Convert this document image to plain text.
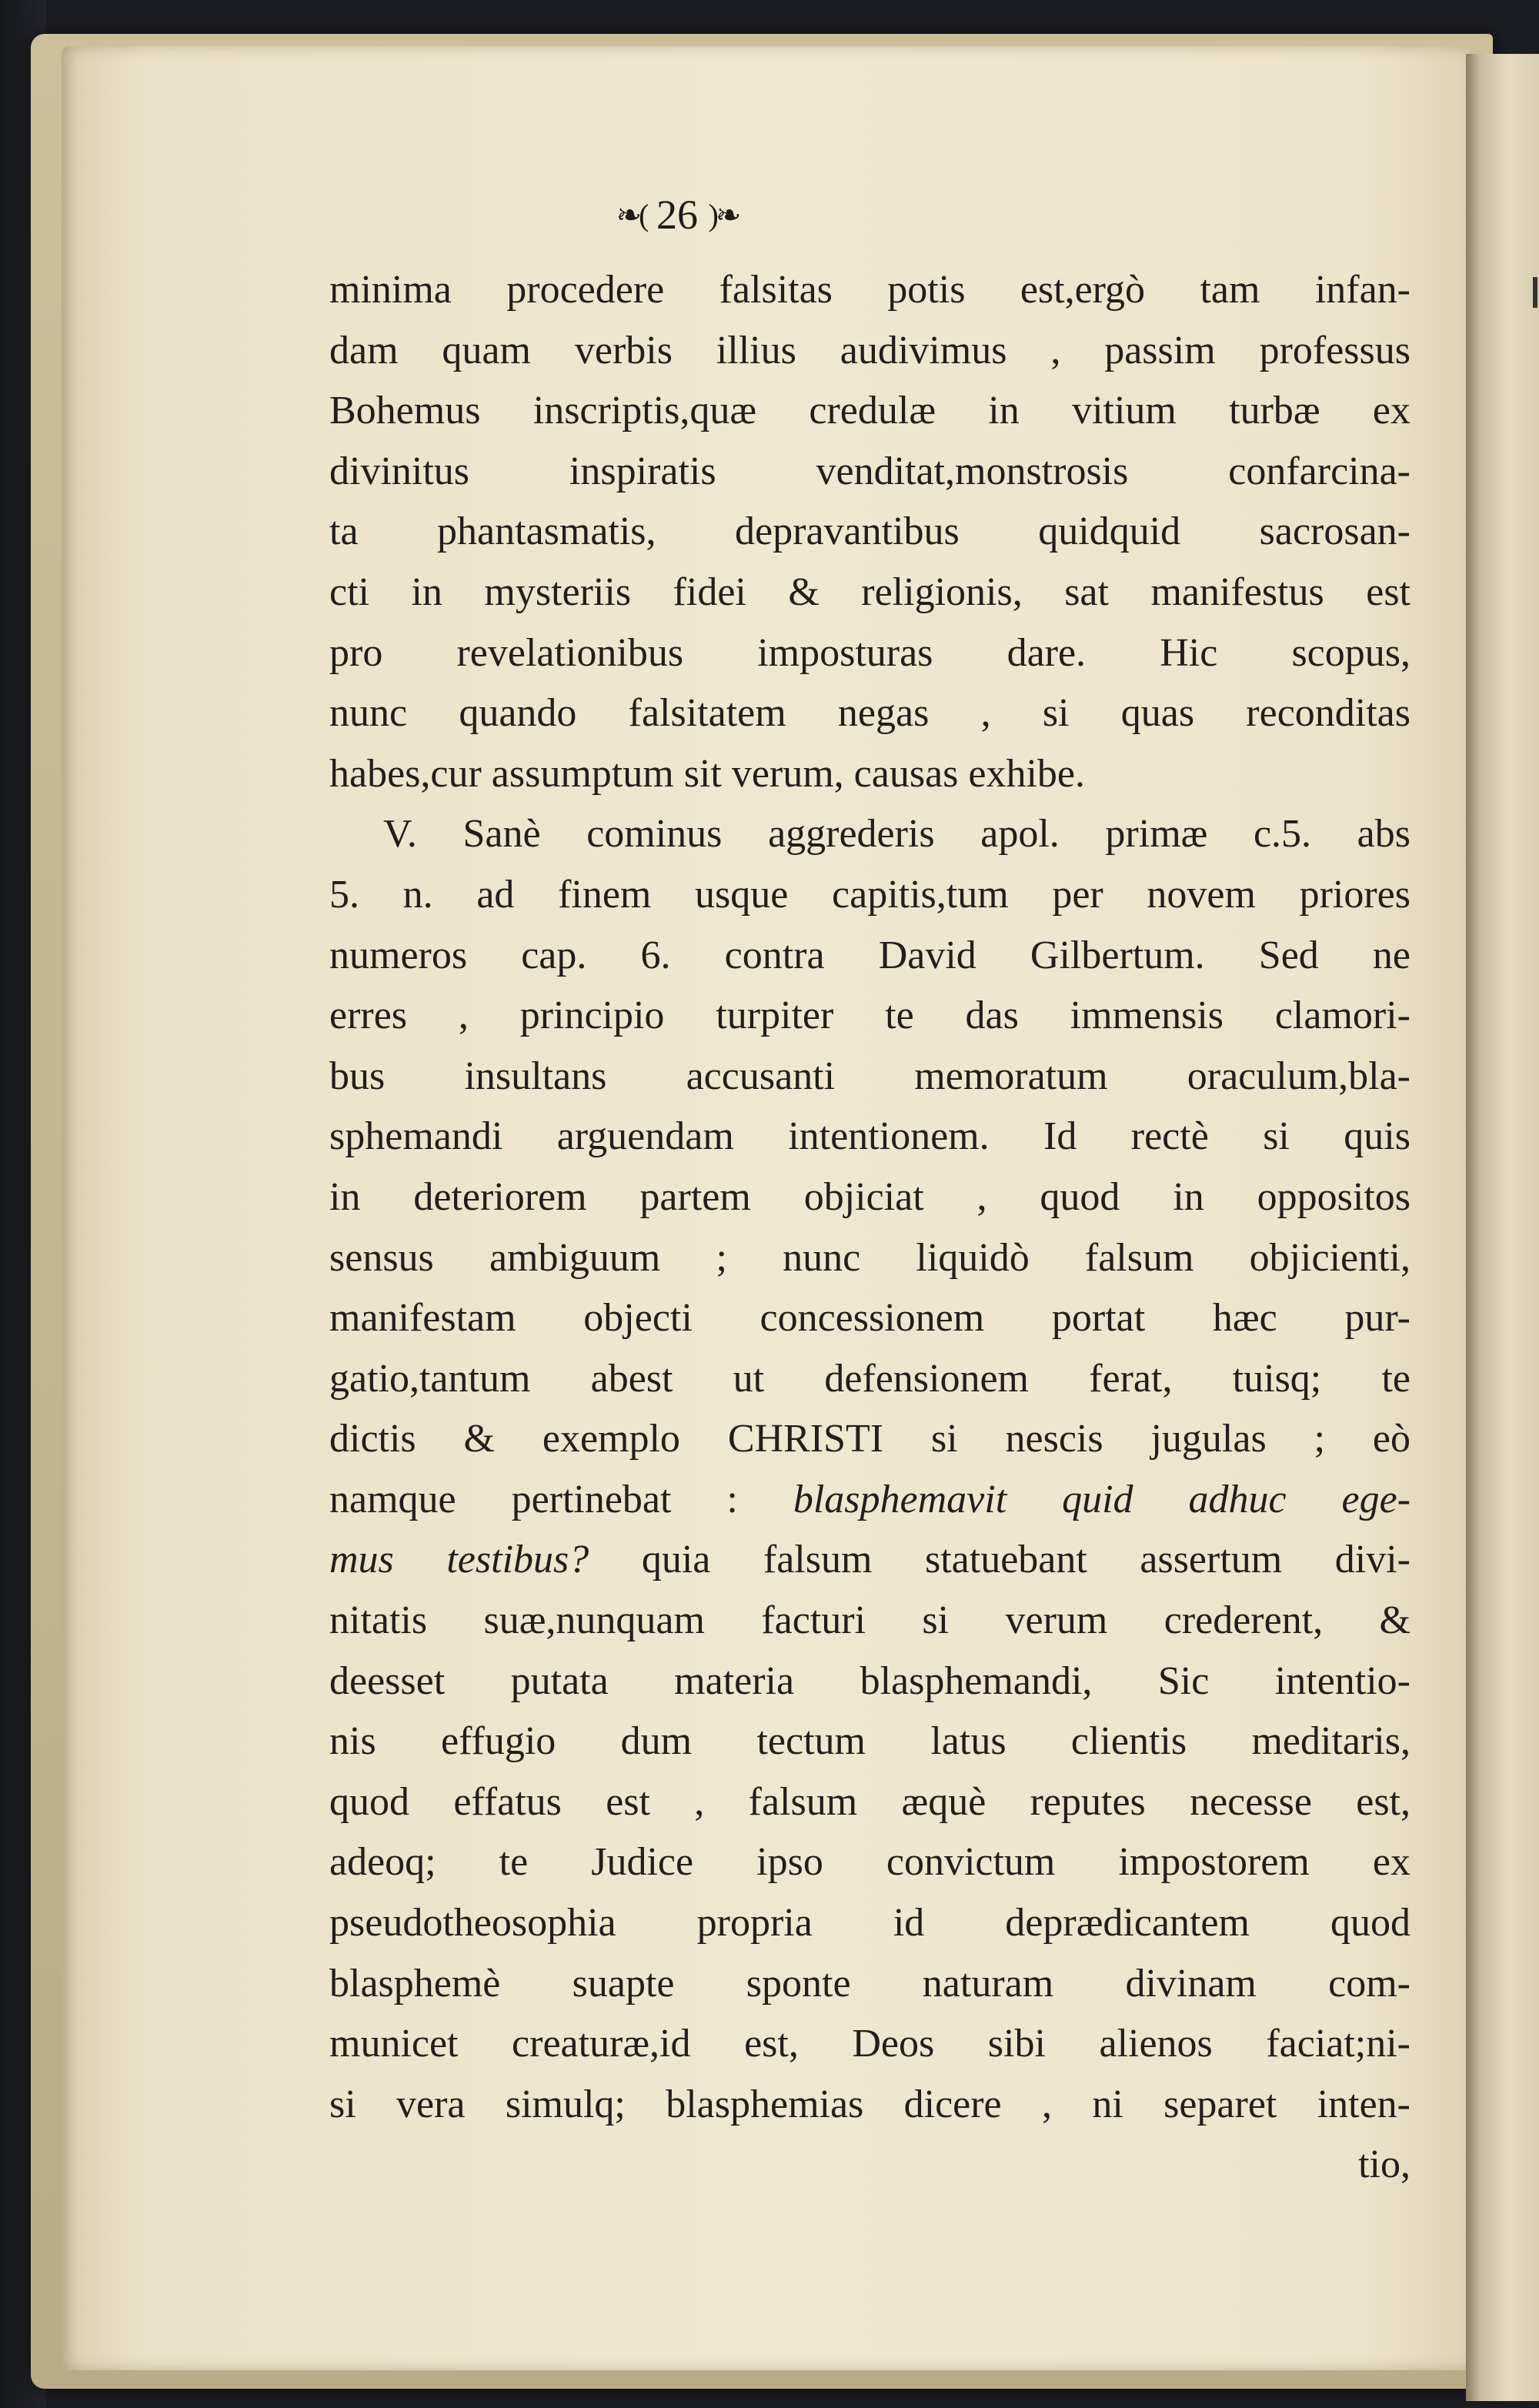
❧( 26 )❧
minima procedere falsitas potis est,ergò tam infan-
dam quam verbis illius audivimus , passim professus
Bohemus inscriptis,quæ credulæ in vitium turbæ ex
divinitus inspiratis venditat,monstrosis confarcina-
ta phantasmatis, depravantibus quidquid sacrosan-
cti in mysteriis fidei & religionis, sat manifestus est
pro revelationibus imposturas dare. Hic scopus,
nunc quando falsitatem negas , si quas reconditas
habes,cur assumptum sit verum, causas exhibe.
V. Sanè cominus aggrederis apol. primæ c.5. abs
5. n. ad finem usque capitis,tum per novem priores
numeros cap. 6. contra David Gilbertum. Sed ne
erres , principio turpiter te das immensis clamori-
bus insultans accusanti memoratum oraculum,bla-
sphemandi arguendam intentionem. Id rectè si quis
in deteriorem partem objiciat , quod in oppositos
sensus ambiguum ; nunc liquidò falsum objicienti,
manifestam objecti concessionem portat hæc pur-
gatio,tantum abest ut defensionem ferat, tuisq; te
dictis & exemplo CHRISTI si nescis jugulas ; eò
namque pertinebat : blasphemavit quid adhuc ege-
mus testibus? quia falsum statuebant assertum divi-
nitatis suæ,nunquam facturi si verum crederent, &
deesset putata materia blasphemandi, Sic intentio-
nis effugio dum tectum latus clientis meditaris,
quod effatus est , falsum æquè reputes necesse est,
adeoq; te Judice ipso convictum impostorem ex
pseudotheosophia propria id deprædicantem quod
blasphemè suapte sponte naturam divinam com-
municet creaturæ,id est, Deos sibi alienos faciat;ni-
si vera simulq; blasphemias dicere , ni separet inten-
tio,
